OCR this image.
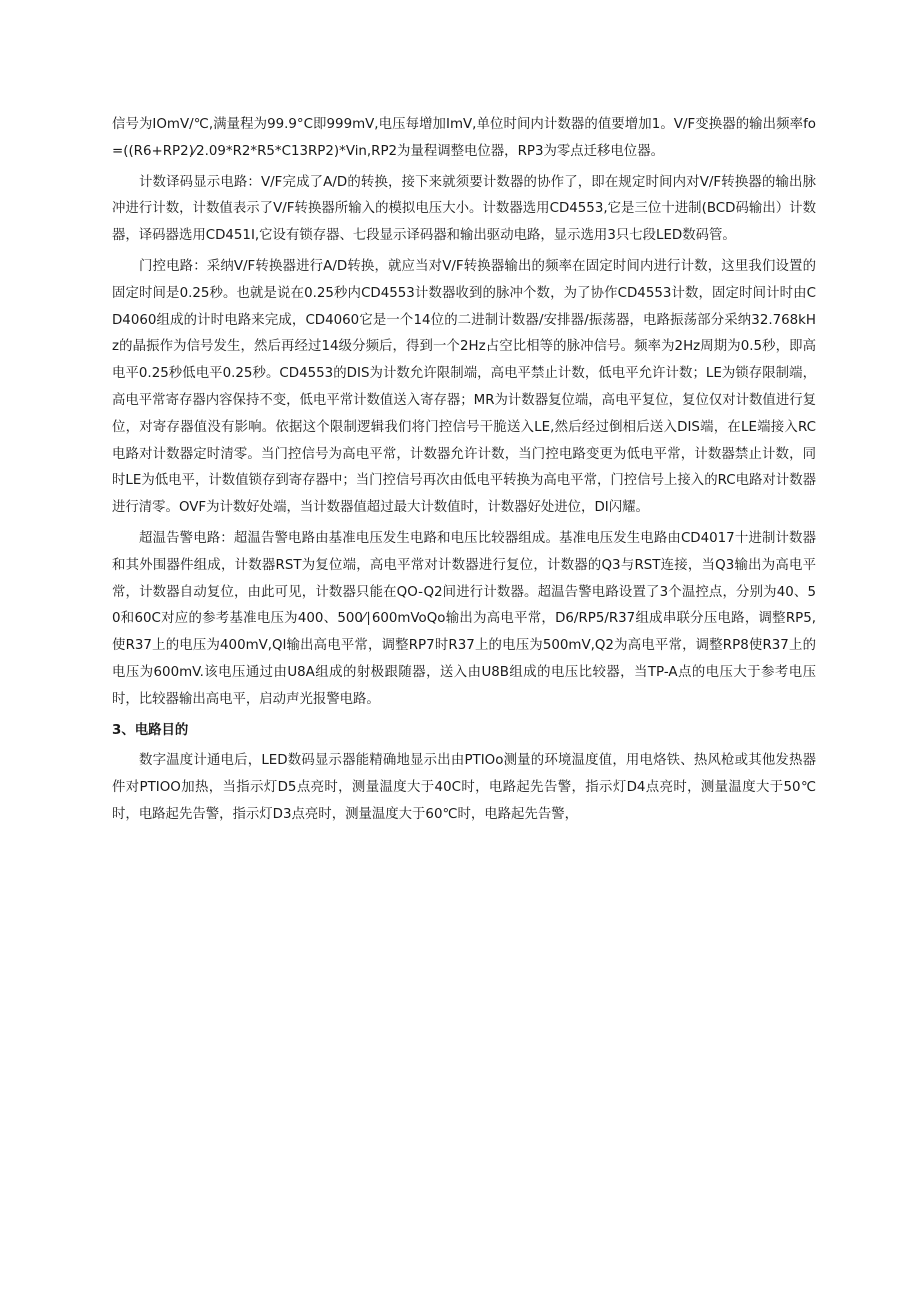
信号为IOmV/℃,满量程为99.9°C即999mV,电压每增加ImV,单位时间内计数器的值要增加1。V/F变换器的输出频率fo=((R6+RP2)⁄2.09*R2*R5*C13RP2)*Vin,RP2为量程调整电位器，RP3为零点迁移电位器。

计数译码显示电路：V/F完成了A/D的转换，接下来就须要计数器的协作了，即在规定时间内对V/F转换器的输出脉冲进行计数，计数值表示了V/F转换器所输入的模拟电压大小。计数器选用CD4553,它是三位十进制(BCD码输出）计数器，译码器选用CD451I,它设有锁存器、七段显示译码器和输出驱动电路，显示选用3只七段LED数码管。

门控电路：采纳V/F转换器进行A/D转换，就应当对V/F转换器输出的频率在固定时间内进行计数，这里我们设置的固定时间是0.25秒。也就是说在0.25秒内CD4553计数器收到的脉冲个数，为了协作CD4553计数，固定时间计时由CD4060组成的计时电路来完成，CD4060它是一个14位的二进制计数器/安排器/振荡器，电路振荡部分采纳32.768kHz的晶振作为信号发生，然后再经过14级分频后，得到一个2Hz占空比相等的脉冲信号。频率为2Hz周期为0.5秒，即高电平0.25秒低电平0.25秒。CD4553的DIS为计数允许限制端，高电平禁止计数，低电平允许计数；LE为锁存限制端，高电平常寄存器内容保持不变，低电平常计数值送入寄存器；MR为计数器复位端，高电平复位，复位仅对计数值进行复位，对寄存器值没有影响。依据这个限制逻辑我们将门控信号干脆送入LE,然后经过倒相后送入DIS端，在LE端接入RC电路对计数器定时清零。当门控信号为高电平常，计数器允许计数，当门控电路变更为低电平常，计数器禁止计数，同时LE为低电平，计数值锁存到寄存器中；当门控信号再次由低电平转换为高电平常，门控信号上接入的RC电路对计数器进行清零。OVF为计数好处端，当计数器值超过最大计数值时，计数器好处进位，DI闪耀。

超温告警电路：超温告警电路由基准电压发生电路和电压比较器组成。基准电压发生电路由CD4017十进制计数器和其外围器件组成，计数器RST为复位端，高电平常对计数器进行复位，计数器的Q3与RST连接，当Q3输出为高电平常，计数器自动复位，由此可见，计数器只能在QO-Q2间进行计数器。超温告警电路设置了3个温控点，分别为40、50和60C对应的参考基准电压为400、500⁄∣600mVoQo输出为高电平常，D6/RP5/R37组成串联分压电路，调整RP5,使R37上的电压为400mV,Ql输出高电平常，调整RP7时R37上的电压为500mV,Q2为高电平常，调整RP8使R37上的电压为600mV.该电压通过由U8A组成的射极跟随器，送入由U8B组成的电压比较器，当TP-A点的电压大于参考电压时，比较器输出高电平，启动声光报警电路。

3、电路目的

数字温度计通电后，LED数码显示器能精确地显示出由PTIOo测量的环境温度值，用电烙铁、热风枪或其他发热器件对PTIOO加热，当指示灯D5点亮时，测量温度大于40C时，电路起先告警，指示灯D4点亮时，测量温度大于50℃时，电路起先告警，指示灯D3点亮时，测量温度大于60℃时，电路起先告警，
